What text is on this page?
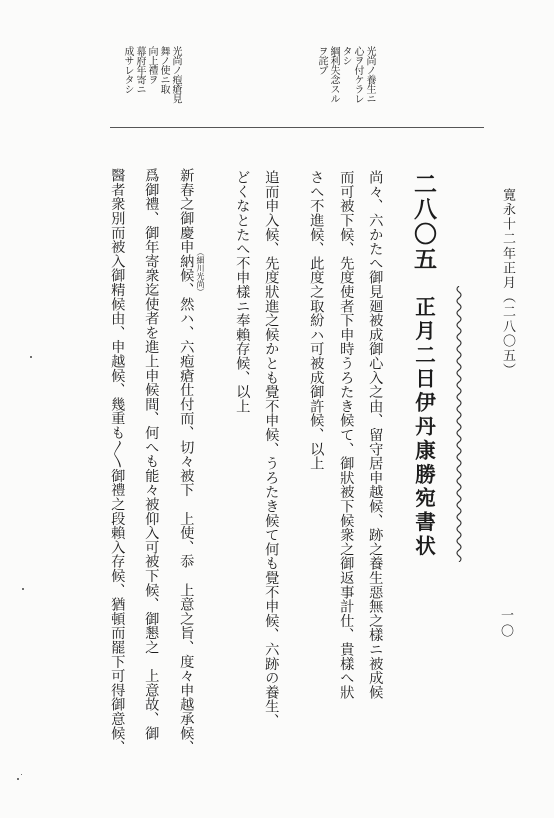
寛永十二年正月（二八〇五）
一〇
光尚ノ養生ニ
心ヲ付ケラレ
タシ
綱利失念スル
ヲ詫ブ
光尚ノ疱瘡見
舞ノ使ニ取
向上禮ヲ
幕府年寄ニ
成サレタシ
二八〇五
正月二日伊丹康勝宛書状
尚々、六かたへ御見廻被成御心入之由、留守居申越候、跡之養生惡無之樣ニ被成候
而可被下候、先度使者下申時うろたき候て、御狀被下候衆之御返事計仕、貴樣へ狀
さへ不進候、此度之取紛ハ可被成御許候、以上
追而申入候、先度狀進之候かとも覺不申候、うろたき候て何も覺不申候、六跡の養生、
どくなとたへ不申樣ニ奉賴存候、以上
新春之御慶申納候、然ハ、六疱瘡仕付而、切々被下　上使、忝　上意之旨、度々申越承候、
爲御禮、御年寄衆迄使者を進上申候間、何へも能々被仰入可被下候、御懇之　上意故、御
醫者衆別而被入御精候由、申越候、幾重も〳〵御禮之段賴入存候、猶頓而罷下可得御意候、	（細川光尚）
